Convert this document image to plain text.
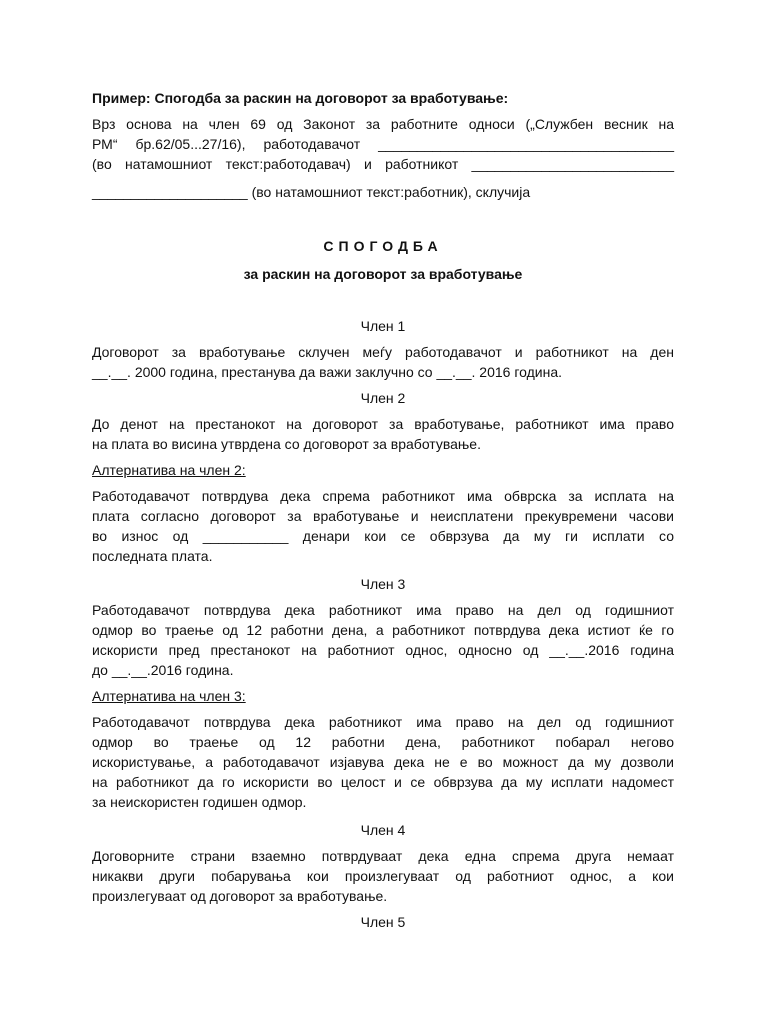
Пример: Спогодба за раскин на договорот за вработување:

Врз основа на член 69 од Законот за работните односи („Службен весник на
РМ“ бр.62/05...27/16), работодавачот ______________________________________
(во натамошниот текст:работодавач) и работникот __________________________
____________________ (во натамошниот текст:работник), склучија

СПОГОДБА

за раскин на договорот за вработување

Член 1

Договорот за вработување склучен меѓу работодавачот и работникот на ден
__.__. 2000 година, престанува да важи заклучно со __.__. 2016 година.

Член 2

До денот на престанокот на договорот за вработување, работникот има право
на плата во висина утврдена со договорот за вработување.

Алтернатива на член 2:

Работодавачот потврдува дека спрема работникот има обврска за исплата на
плата согласно договорот за вработување и неисплатени прекувремени часови
во износ од ___________ денари кои се обврзува да му ги исплати со
последната плата.

Член 3

Работодавачот потврдува дека работникот има право на дел од годишниот
одмор во траење од 12 работни дена, а работникот потврдува дека истиот ќе го
искористи пред престанокот на работниот однос, односно од __.__.2016 година
до __.__.2016 година.

Алтернатива на член 3:

Работодавачот потврдува дека работникот има право на дел од годишниот
одмор во траење од 12 работни дена, работникот побарал негово
искористување, а работодавачот изјавува дека не е во можност да му дозволи
на работникот да го искористи во целост и се обврзува да му исплати надомест
за неискористен годишен одмор.

Член 4

Договорните страни взаемно потврдуваат дека една спрема друга немаат
никакви други побарувања кои произлегуваат од работниот однос, а кои
произлегуваат од договорот за вработување.

Член 5
